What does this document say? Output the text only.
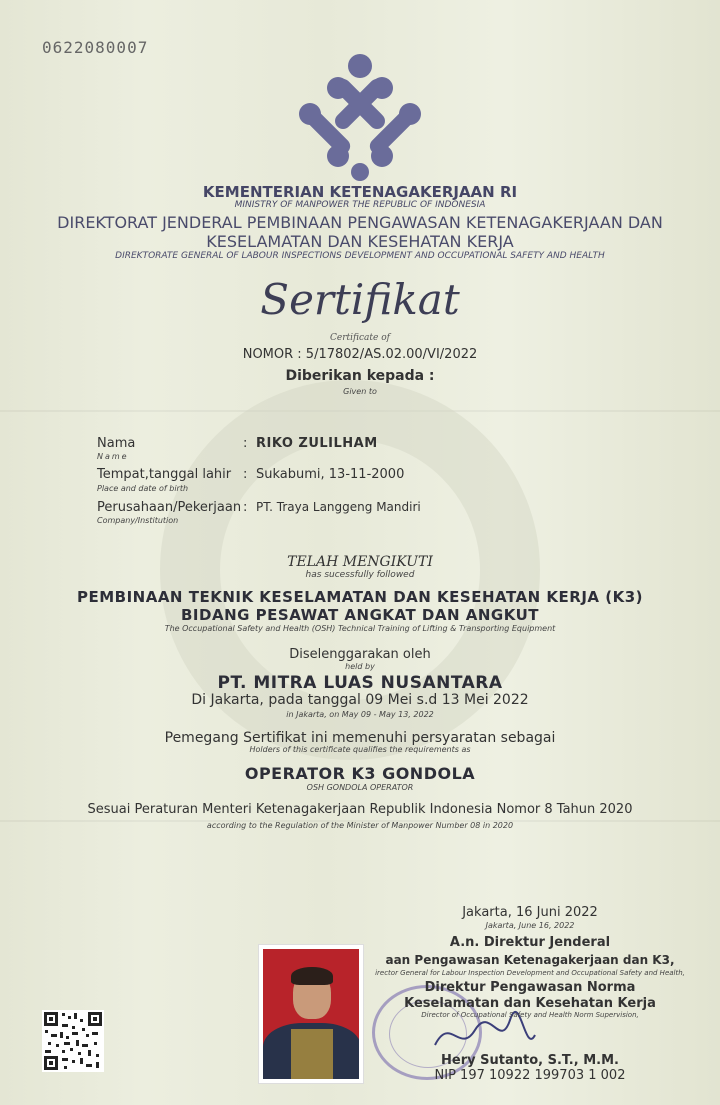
0622080007
KEMENTERIAN KETENAGAKERJAAN RI
MINISTRY OF MANPOWER THE REPUBLIC OF INDONESIA
DIREKTORAT JENDERAL PEMBINAAN PENGAWASAN KETENAGAKERJAAN DAN
KESELAMATAN DAN KESEHATAN KERJA
DIREKTORATE GENERAL OF LABOUR INSPECTIONS DEVELOPMENT AND OCCUPATIONAL SAFETY AND HEALTH
Sertifikat
Certificate of
NOMOR : 5/17802/AS.02.00/VI/2022
Diberikan kepada :
Given to
Nama
Name
: RIKO ZULILHAM
Tempat,tanggal lahir
Place and date of birth
: Sukabumi, 13-11-2000
Perusahaan/Pekerjaan
Company/Institution
: PT. Traya Langgeng Mandiri
TELAH MENGIKUTI
has sucessfully followed
PEMBINAAN TEKNIK KESELAMATAN DAN KESEHATAN KERJA (K3)
BIDANG PESAWAT ANGKAT DAN ANGKUT
The Occupational Safety and Health (OSH) Technical Training of Lifting & Transporting Equipment
Diselenggarakan oleh
held by
PT. MITRA LUAS NUSANTARA
Di Jakarta, pada tanggal 09 Mei s.d 13 Mei 2022
in Jakarta, on May 09 - May 13, 2022
Pemegang Sertifikat ini memenuhi persyaratan sebagai
Holders of this certificate qualifies the requirements as
OPERATOR K3 GONDOLA
OSH GONDOLA OPERATOR
Sesuai Peraturan Menteri Ketenagakerjaan Republik Indonesia Nomor 8 Tahun 2020
according to the Regulation of the Minister of Manpower Number 08 in 2020
Jakarta, 16 Juni 2022
Jakarta, June 16, 2022
A.n. Direktur Jenderal
aan Pengawasan Ketenagakerjaan dan K3,
irector General for Labour Inspection Development and Occupational Safety and Health,
Direktur Pengawasan Norma
Keselamatan dan Kesehatan Kerja
Director of Occupational Safety and Health Norm Supervision,
Hery Sutanto, S.T., M.M.
NIP 197 10922 199703 1 002
